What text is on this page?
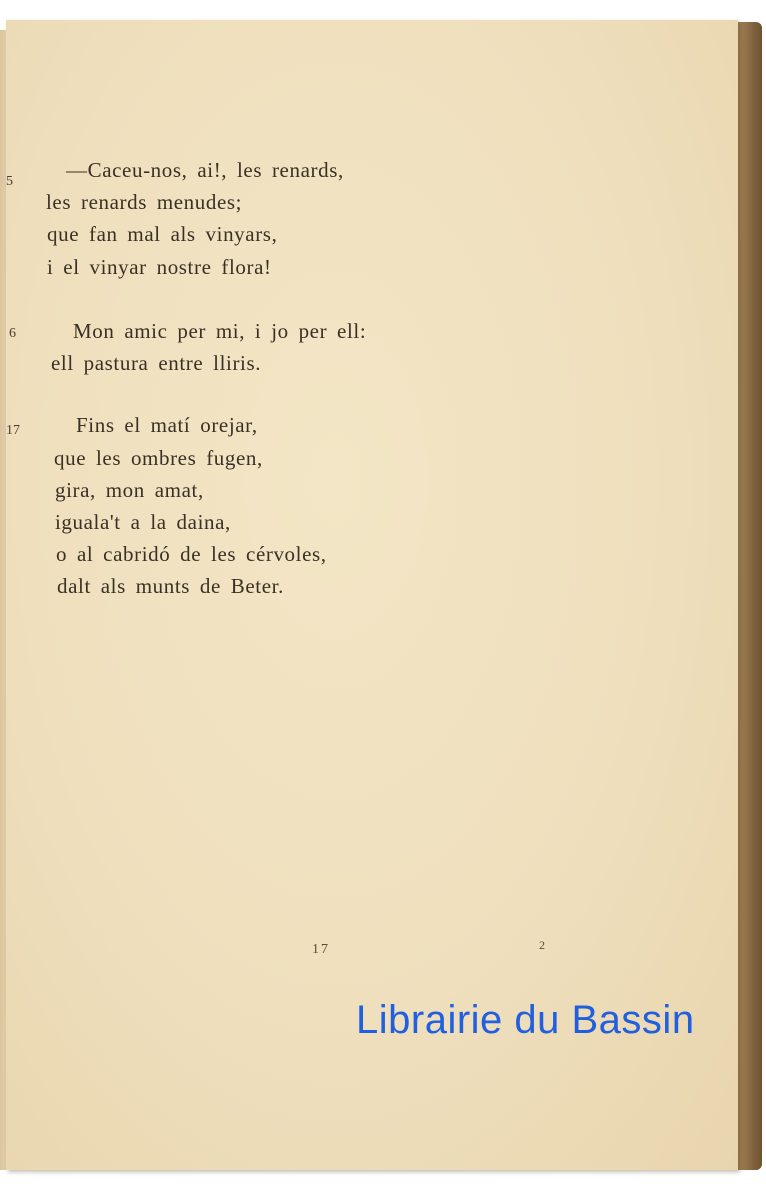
5	—Caceu-nos, ai!, les renards,
les renards menudes;
que fan mal als vinyars,
i el vinyar nostre flora!
6	Mon amic per mi, i jo per ell:
ell pastura entre lliris.
17	Fins el matí orejar,
que les ombres fugen,
gira, mon amat,
iguala't a la daina,
o al cabridó de les cérvoles,
dalt als munts de Beter.
17	2
Librairie du Bassin
